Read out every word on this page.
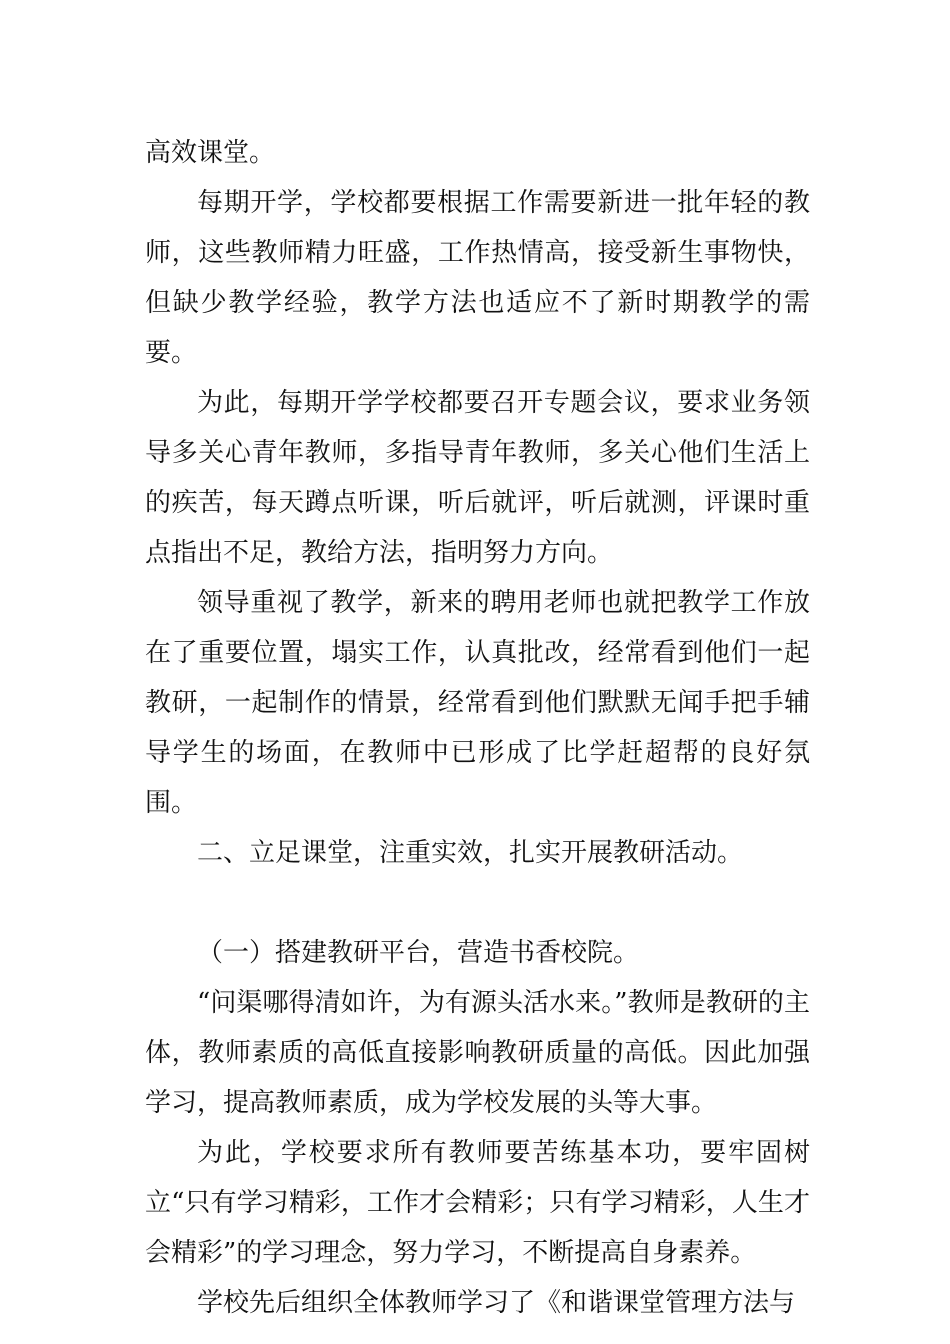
高效课堂。

每期开学，学校都要根据工作需要新进一批年轻的教师，这些教师精力旺盛，工作热情高，接受新生事物快，但缺少教学经验，教学方法也适应不了新时期教学的需要。

为此，每期开学学校都要召开专题会议，要求业务领导多关心青年教师，多指导青年教师，多关心他们生活上的疾苦，每天蹲点听课，听后就评，听后就测，评课时重点指出不足，教给方法，指明努力方向。

领导重视了教学，新来的聘用老师也就把教学工作放在了重要位置，塌实工作，认真批改，经常看到他们一起教研，一起制作的情景，经常看到他们默默无闻手把手辅导学生的场面，在教师中已形成了比学赶超帮的良好氛围。

二、立足课堂，注重实效，扎实开展教研活动。

（一）搭建教研平台，营造书香校院。

“问渠哪得清如许，为有源头活水来。”教师是教研的主体，教师素质的高低直接影响教研质量的高低。因此加强学习，提高教师素质，成为学校发展的头等大事。

为此，学校要求所有教师要苦练基本功，要牢固树立“只有学习精彩，工作才会精彩；只有学习精彩，人生才会精彩”的学习理念，努力学习，不断提高自身素养。

学校先后组织全体教师学习了《和谐课堂管理方法与
